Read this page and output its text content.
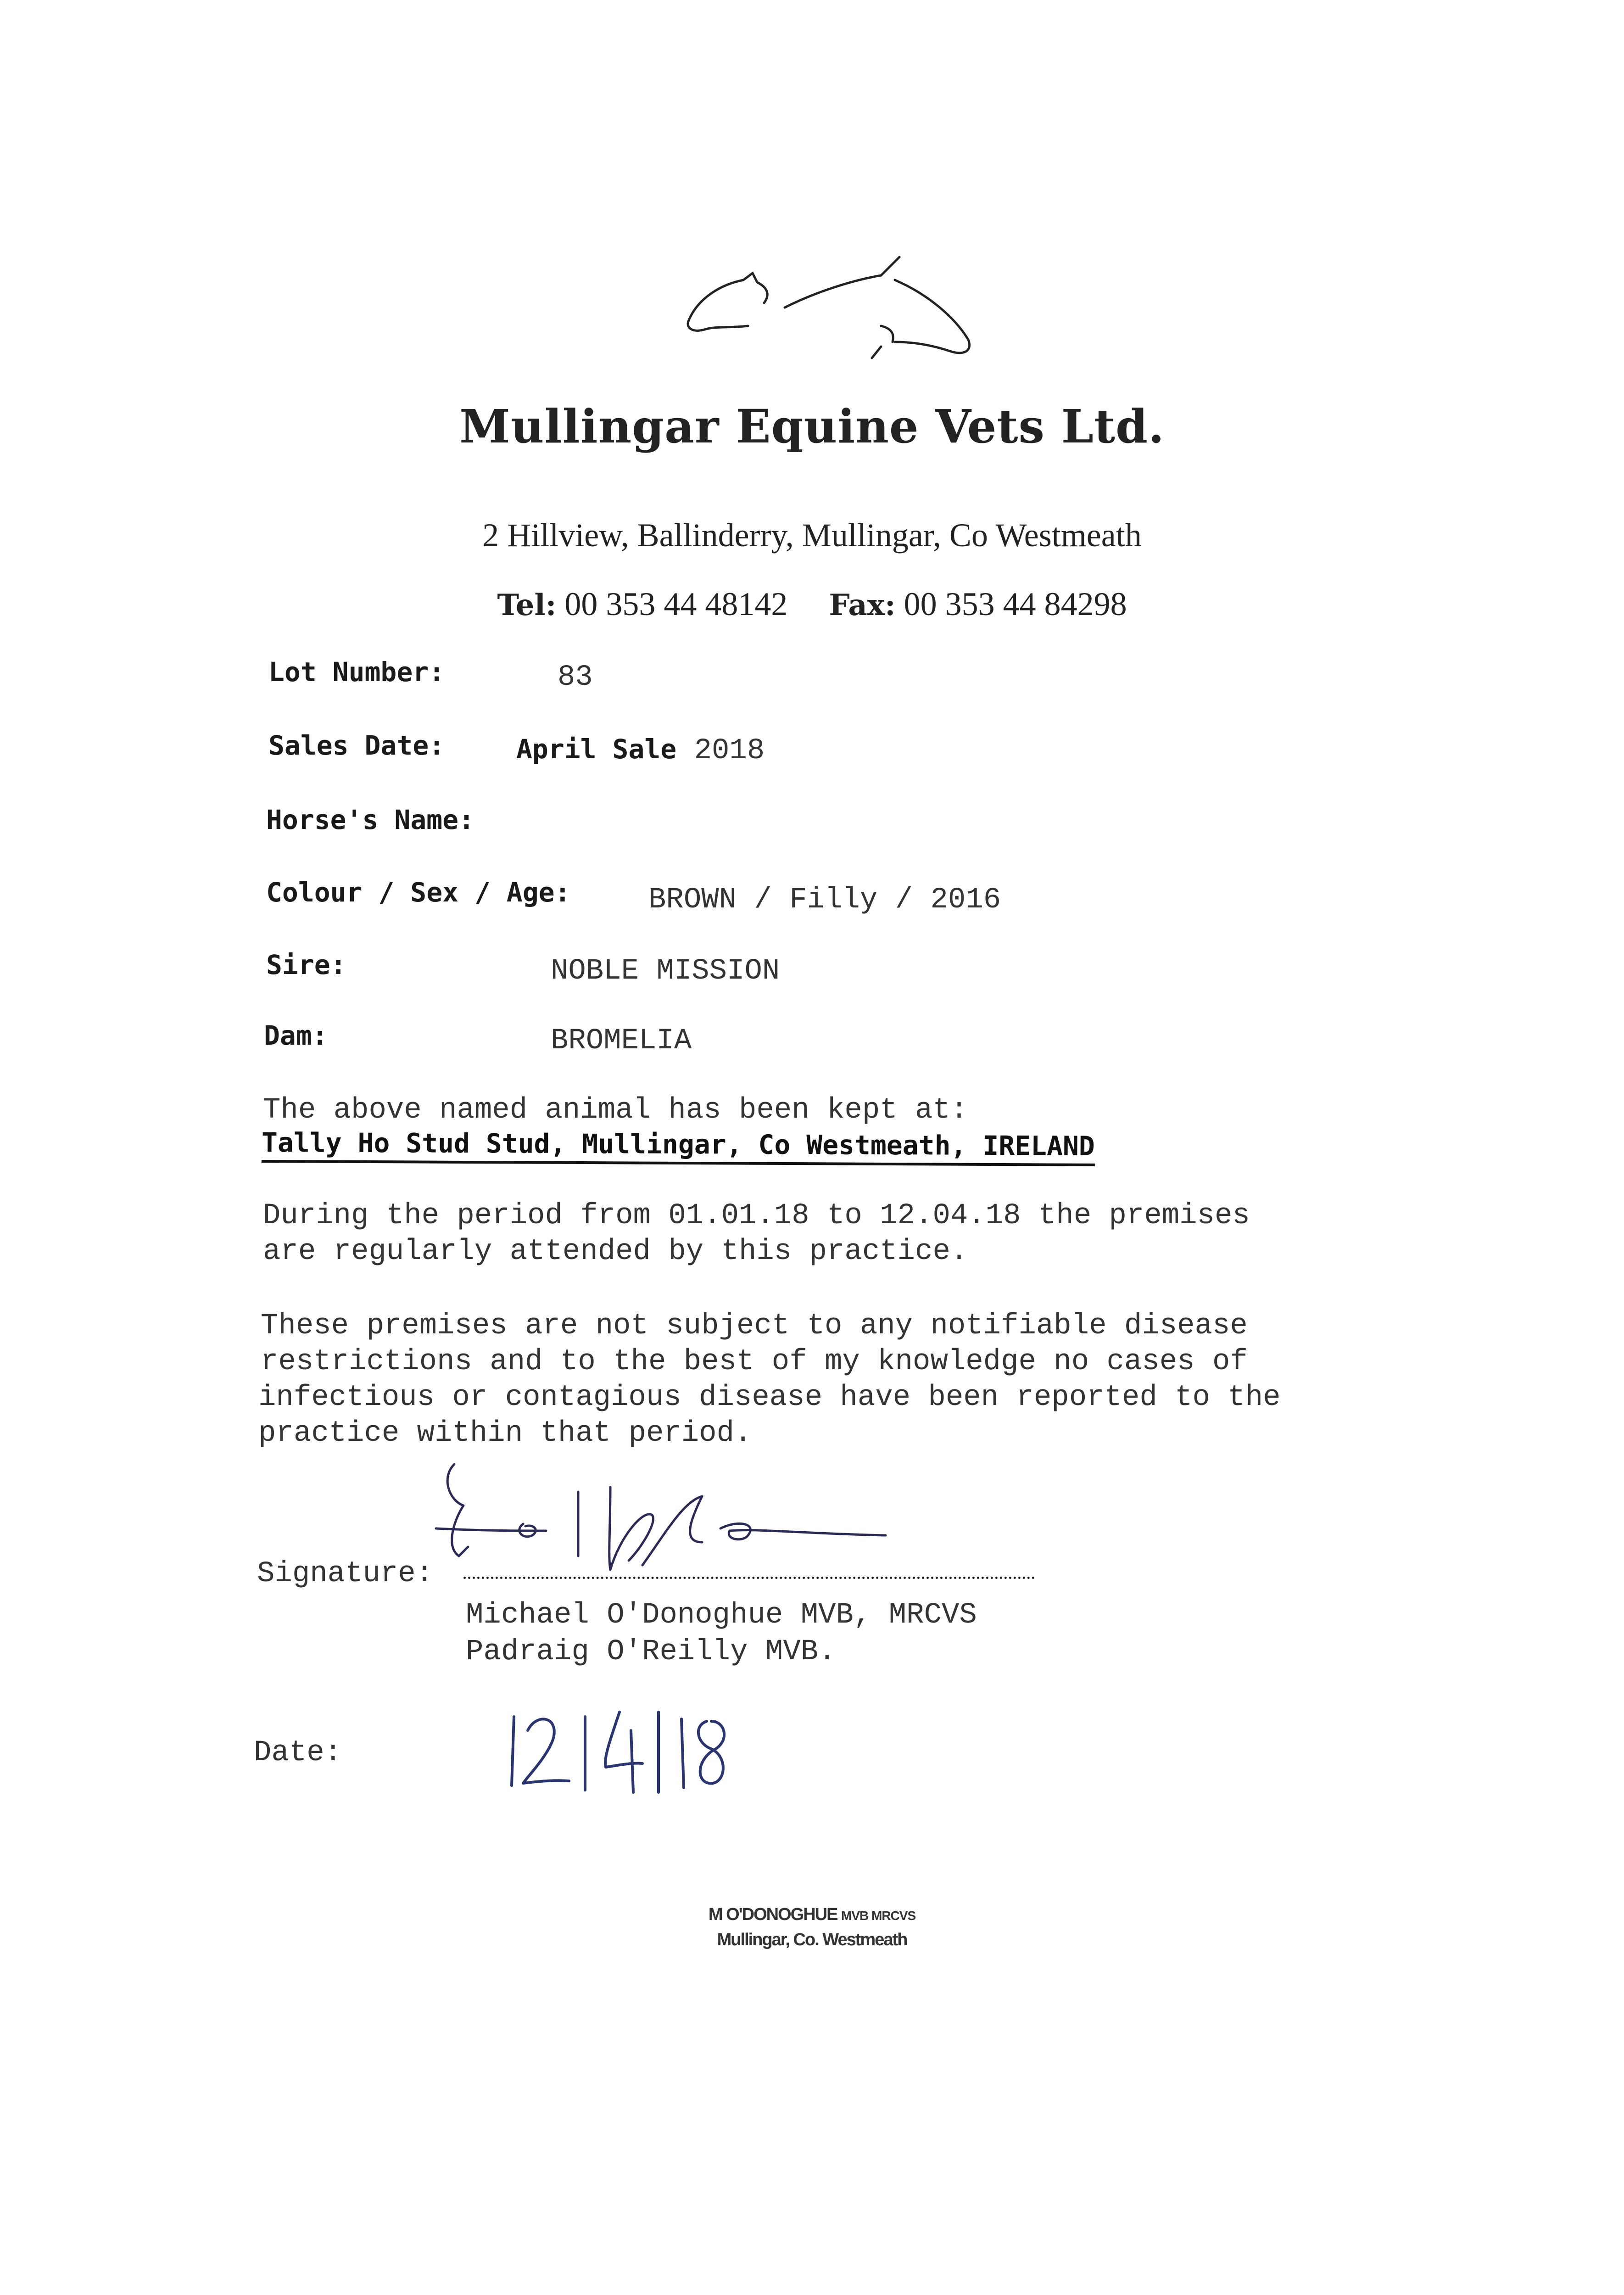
Mullingar Equine Vets Ltd.
2 Hillview, Ballinderry, Mullingar, Co Westmeath
Tel: 00 353 44 48142 Fax: 00 353 44 84298
Lot Number:	83
Sales Date:	April Sale 2018
Horse's Name:
Colour / Sex / Age:	BROWN / Filly / 2016
Sire:	NOBLE MISSION
Dam:	BROMELIA
The above named animal has been kept at:
Tally Ho Stud Stud, Mullingar, Co Westmeath, IRELAND
During the period from 01.01.18 to 12.04.18 the premises
are regularly attended by this practice.
These premises are not subject to any notifiable disease
restrictions and to the best of my knowledge no cases of
infectious or contagious disease have been reported to the
practice within that period.
Signature:
Michael O'Donoghue MVB, MRCVS
Padraig O'Reilly MVB.
Date:
M O'DONOGHUE MVB MRCVS
Mullingar, Co. Westmeath
